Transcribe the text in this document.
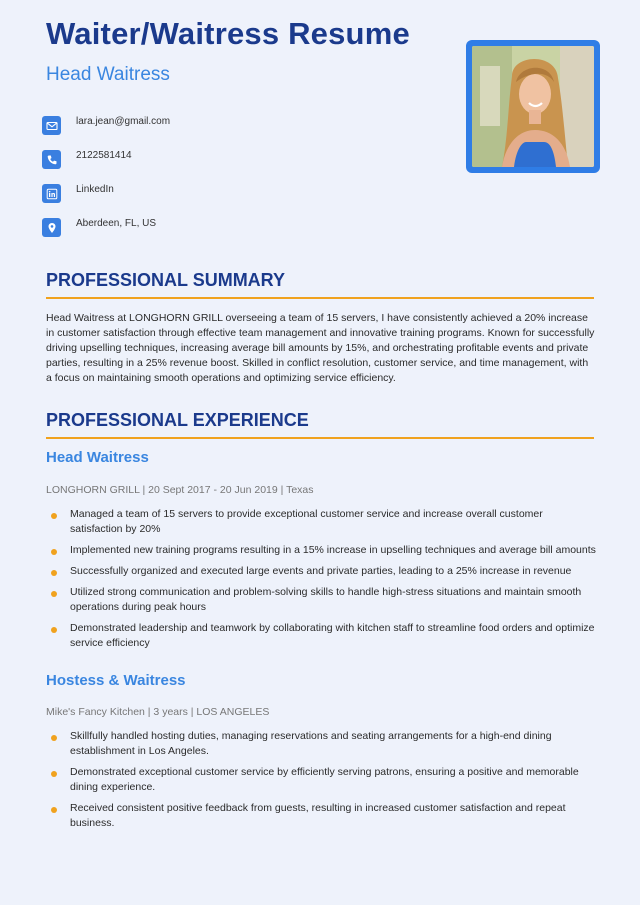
Waiter/Waitress Resume
Head Waitress
lara.jean@gmail.com
2122581414
LinkedIn
Aberdeen, FL, US
PROFESSIONAL SUMMARY

Head Waitress at LONGHORN GRILL overseeing a team of 15 servers, I have consistently achieved a 20% increase in customer satisfaction through effective team management and innovative training programs. Known for successfully driving upselling techniques, increasing average bill amounts by 15%, and orchestrating profitable events and private parties, resulting in a 25% revenue boost. Skilled in conflict resolution, customer service, and time management, with a focus on maintaining smooth operations and optimizing service efficiency.

PROFESSIONAL EXPERIENCE
Head Waitress
LONGHORN GRILL | 20 Sept 2017 - 20 Jun 2019 | Texas
Managed a team of 15 servers to provide exceptional customer service and increase overall customer satisfaction by 20%
Implemented new training programs resulting in a 15% increase in upselling techniques and average bill amounts
Successfully organized and executed large events and private parties, leading to a 25% increase in revenue
Utilized strong communication and problem-solving skills to handle high-stress situations and maintain smooth operations during peak hours
Demonstrated leadership and teamwork by collaborating with kitchen staff to streamline food orders and optimize service efficiency
Hostess & Waitress
Mike's Fancy Kitchen | 3 years | LOS ANGELES
Skillfully handled hosting duties, managing reservations and seating arrangements for a high-end dining establishment in Los Angeles.
Demonstrated exceptional customer service by efficiently serving patrons, ensuring a positive and memorable dining experience.
Received consistent positive feedback from guests, resulting in increased customer satisfaction and repeat business.
